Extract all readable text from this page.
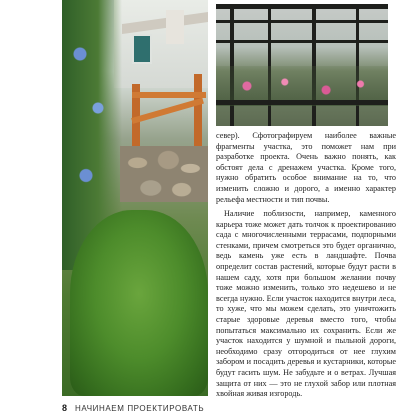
север). Сфотографируем наиболее важные фрагменты участка, это поможет нам при разработке проекта. Очень важно понять, как обстоят дела с дренажем участка. Кроме того, нужно обратить особое внимание на то, что изменить сложно и дорого, а именно характер рельефа местности и тип почвы.

Наличие поблизости, например, каменного карьера тоже может дать толчок к проектированию сада с многочисленными террасами, подпорными стенками, причем смотреться это будет органично, ведь камень уже есть в ландшафте. Почва определит состав растений, которые будут расти в нашем саду, хотя при большом желании почву тоже можно изменить, только это недешево и не всегда нужно. Если участок находится внутри леса, то хуже, что мы можем сделать, это уничтожить старые здоровые деревья вместо того, чтобы попытаться максимально их сохранить. Если же участок находится у шумной и пыльной дороги, необходимо сразу отгородиться от нее глухим забором и посадить деревья и кустарники, которые будут гасить шум. Не забудьте и о ветрах. Лучшая защита от них — это не глухой забор или плотная хвойная живая изгородь.

8 НАЧИНАЕМ ПРОЕКТИРОВАТЬ
